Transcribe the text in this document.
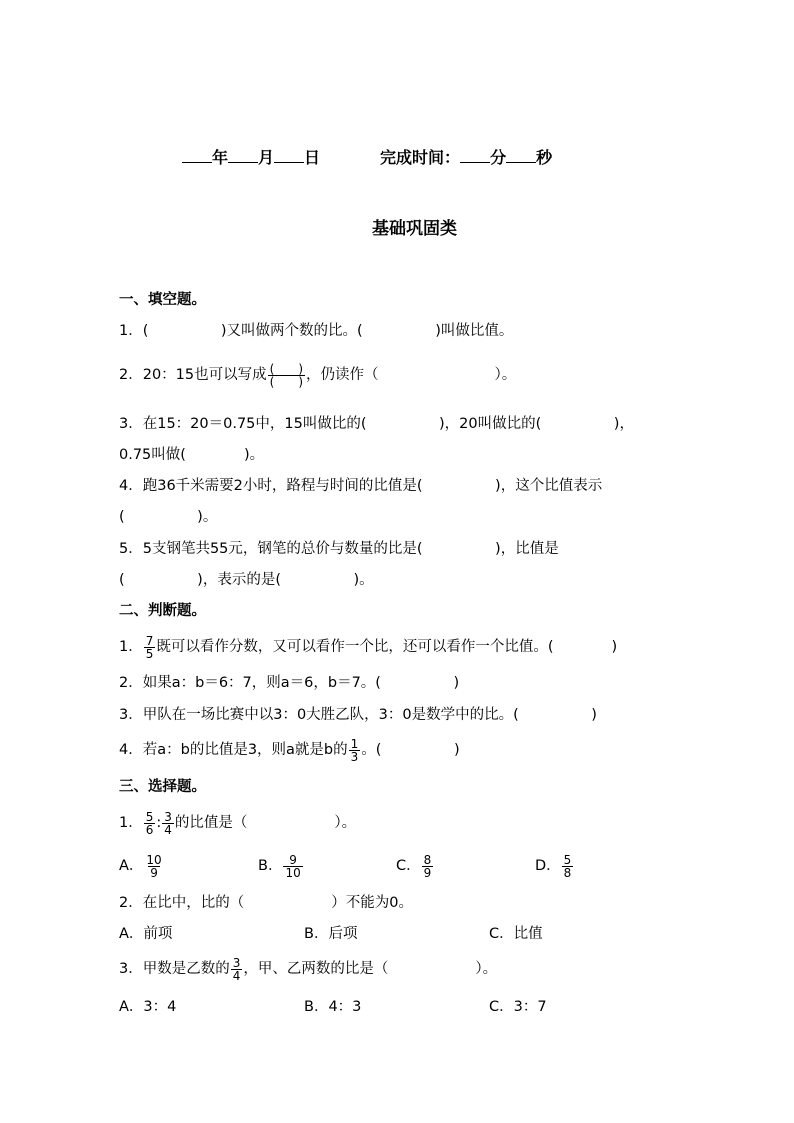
年 月 日	完成时间： 分 秒
基础巩固类
一、填空题。
1．(　　　　　)又叫做两个数的比。(　　　　　)叫做比值。
2．20：15也可以写成 $\frac{( )}{( )}$ ，仍读作（　　　　　　　　）。
3．在15：20＝0.75中，15叫做比的(　　　　　)，20叫做比的(　　　　　)，
0.75叫做(　　　　)。
4．跑36千米需要2小时，路程与时间的比值是(　　　　　)，这个比值表示
(　　　　　)。
5．5支钢笔共55元，钢笔的总价与数量的比是(　　　　　)，比值是
(　　　　　)，表示的是(　　　　　)。
二、判断题。
1． $\frac{7}{5}$ 既可以看作分数，又可以看作一个比，还可以看作一个比值。(　　　　)
2．如果a：b＝6：7，则a＝6，b＝7。(　　　　　)
3．甲队在一场比赛中以3：0大胜乙队，3：0是数学中的比。(　　　　　)
4．若a：b的比值是3，则a就是b的 $\frac{1}{3}$ 。(　　　　　)
三、选择题。
1． $\frac{5}{6}$ : $\frac{3}{4}$ 的比值是（　　　　　　）。
A． $\frac{10}{9}$	B． $\frac{9}{10}$	C． $\frac{8}{9}$	D． $\frac{5}{8}$
2．在比中，比的（　　　　　　）不能为0。
A．前项	B．后项	C．比值
3．甲数是乙数的 $\frac{3}{4}$ ，甲、乙两数的比是（　　　　　　）。
A．3：4	B．4：3	C．3：7
